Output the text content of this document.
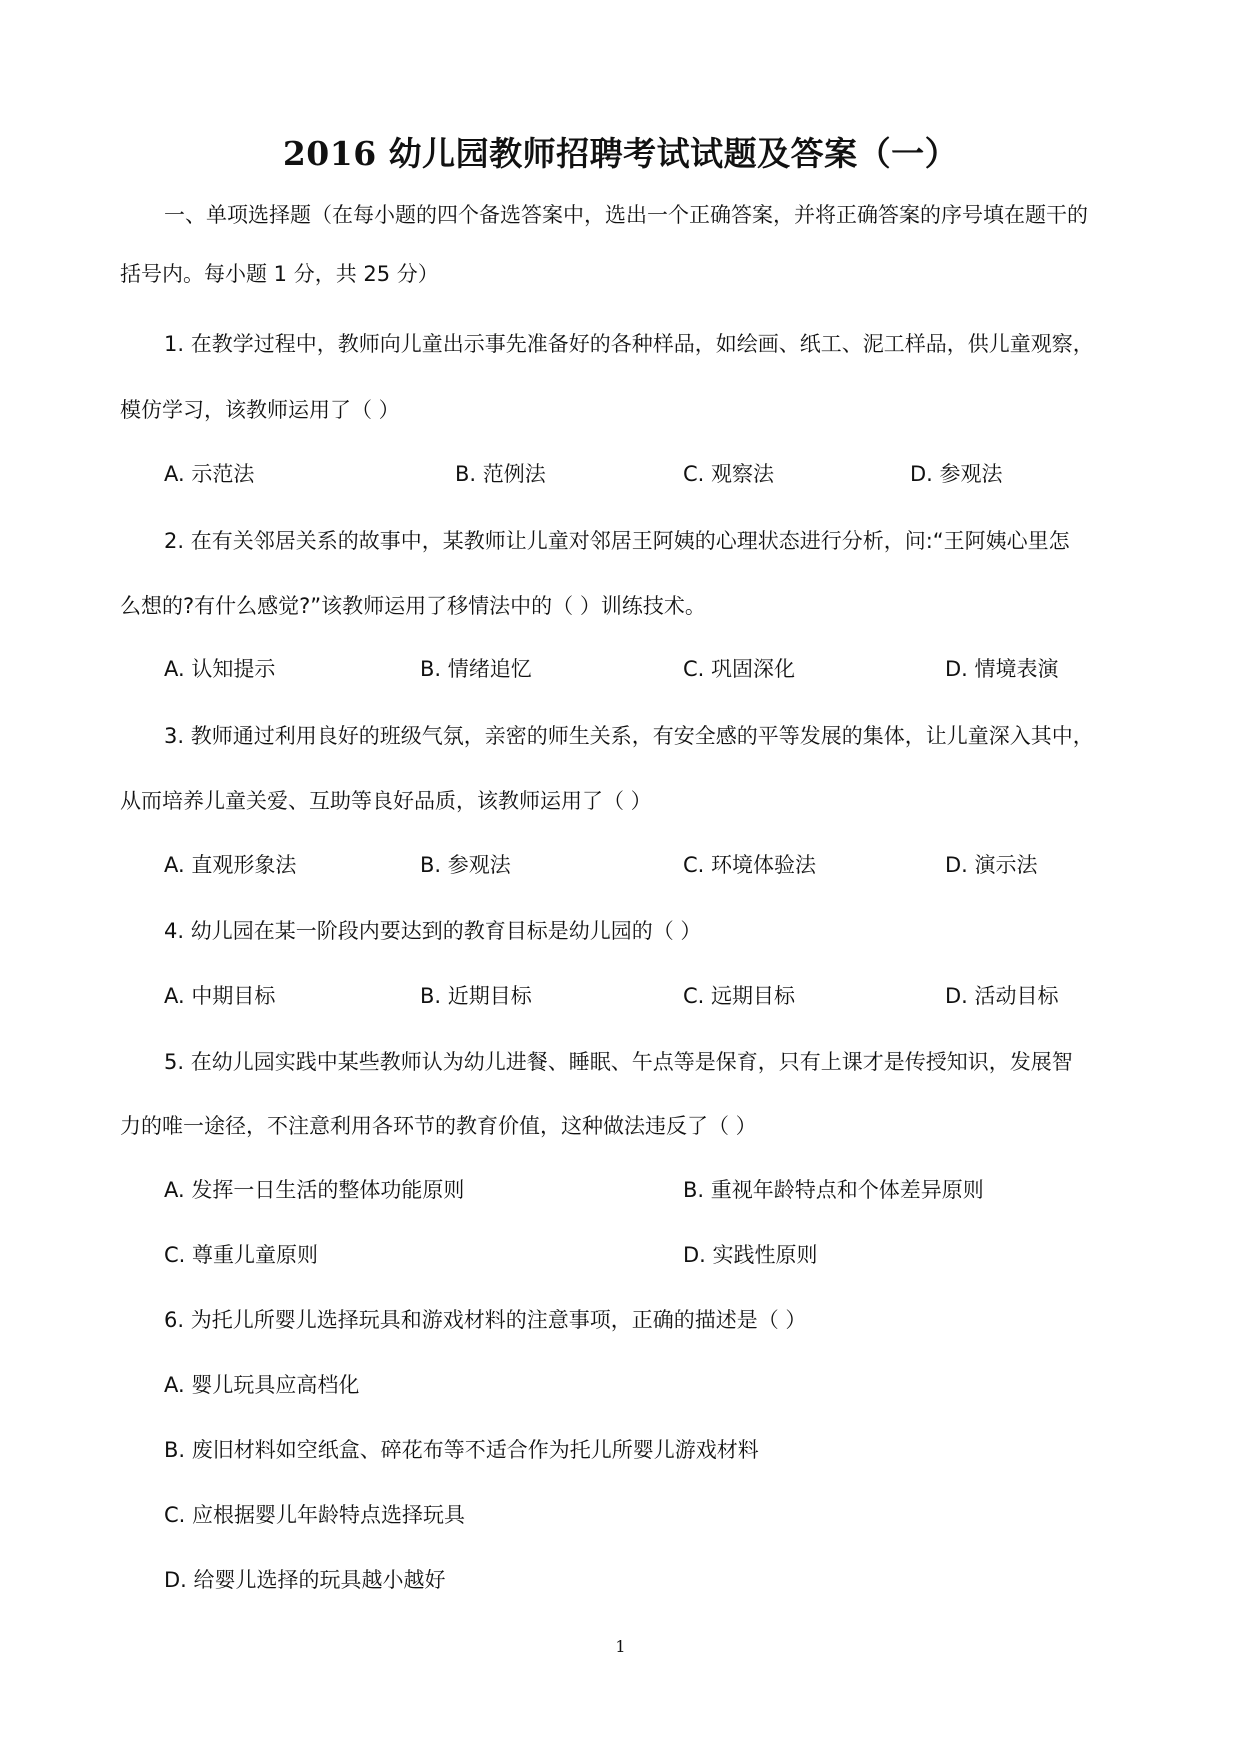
2016 幼儿园教师招聘考试试题及答案（一）
一、单项选择题（在每小题的四个备选答案中，选出一个正确答案，并将正确答案的序号填在题干的
括号内。每小题 1 分，共 25 分）
1. 在教学过程中，教师向儿童出示事先准备好的各种样品，如绘画、纸工、泥工样品，供儿童观察，
模仿学习，该教师运用了（ ）
A. 示范法	B. 范例法	C. 观察法	D. 参观法
2. 在有关邻居关系的故事中，某教师让儿童对邻居王阿姨的心理状态进行分析，问:“王阿姨心里怎
么想的?有什么感觉?”该教师运用了移情法中的（ ）训练技术。
A. 认知提示	B. 情绪追忆	C. 巩固深化	D. 情境表演
3. 教师通过利用良好的班级气氛，亲密的师生关系，有安全感的平等发展的集体，让儿童深入其中，
从而培养儿童关爱、互助等良好品质，该教师运用了（ ）
A. 直观形象法	B. 参观法	C. 环境体验法	D. 演示法
4. 幼儿园在某一阶段内要达到的教育目标是幼儿园的（ ）
A. 中期目标	B. 近期目标	C. 远期目标	D. 活动目标
5. 在幼儿园实践中某些教师认为幼儿进餐、睡眠、午点等是保育，只有上课才是传授知识，发展智
力的唯一途径，不注意利用各环节的教育价值，这种做法违反了（ ）
A. 发挥一日生活的整体功能原则	B. 重视年龄特点和个体差异原则
C. 尊重儿童原则	D. 实践性原则
6. 为托儿所婴儿选择玩具和游戏材料的注意事项，正确的描述是（ ）
A. 婴儿玩具应高档化
B. 废旧材料如空纸盒、碎花布等不适合作为托儿所婴儿游戏材料
C. 应根据婴儿年龄特点选择玩具
D. 给婴儿选择的玩具越小越好
1
